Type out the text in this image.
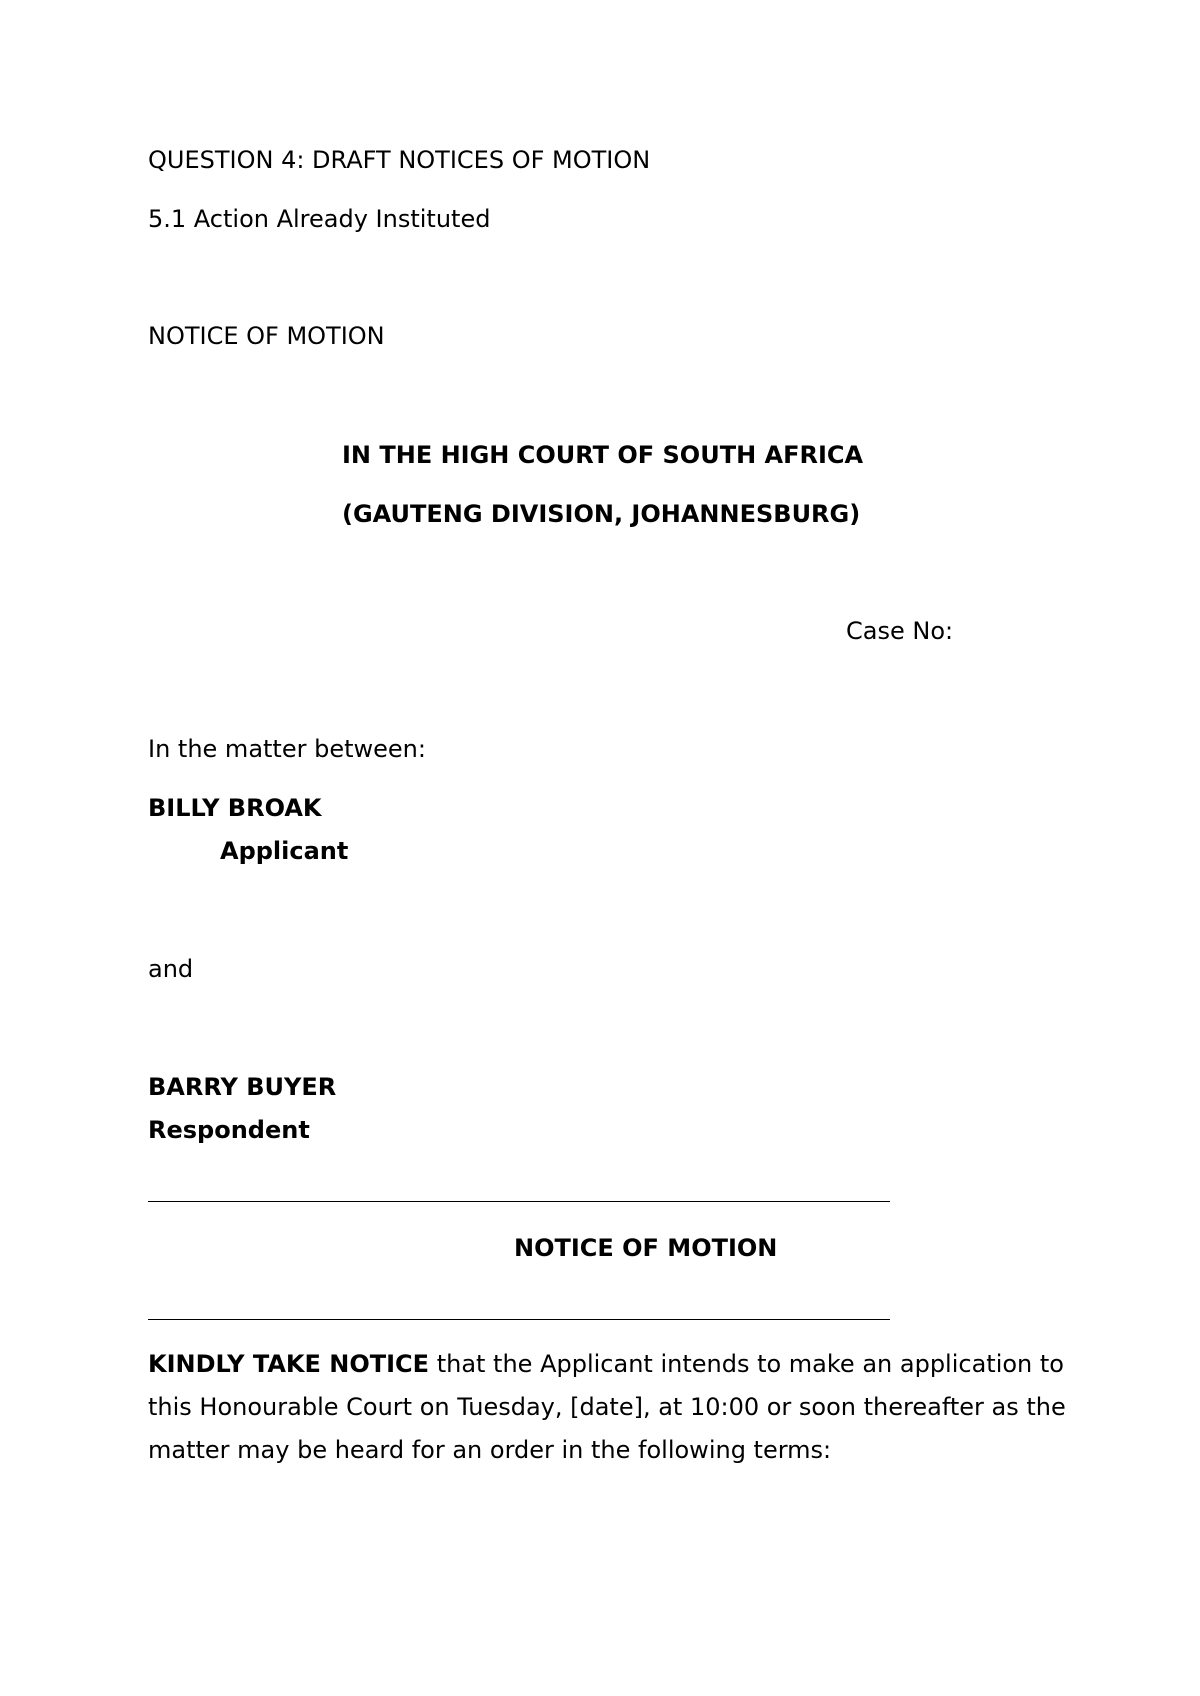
QUESTION 4: DRAFT NOTICES OF MOTION
5.1 Action Already Instituted
NOTICE OF MOTION
IN THE HIGH COURT OF SOUTH AFRICA
(GAUTENG DIVISION, JOHANNESBURG)
Case No:
In the matter between:
BILLY BROAK
Applicant
and
BARRY BUYER
Respondent
NOTICE OF MOTION
KINDLY TAKE NOTICE that the Applicant intends to make an application to this Honourable Court on Tuesday, [date], at 10:00 or soon thereafter as the matter may be heard for an order in the following terms:
